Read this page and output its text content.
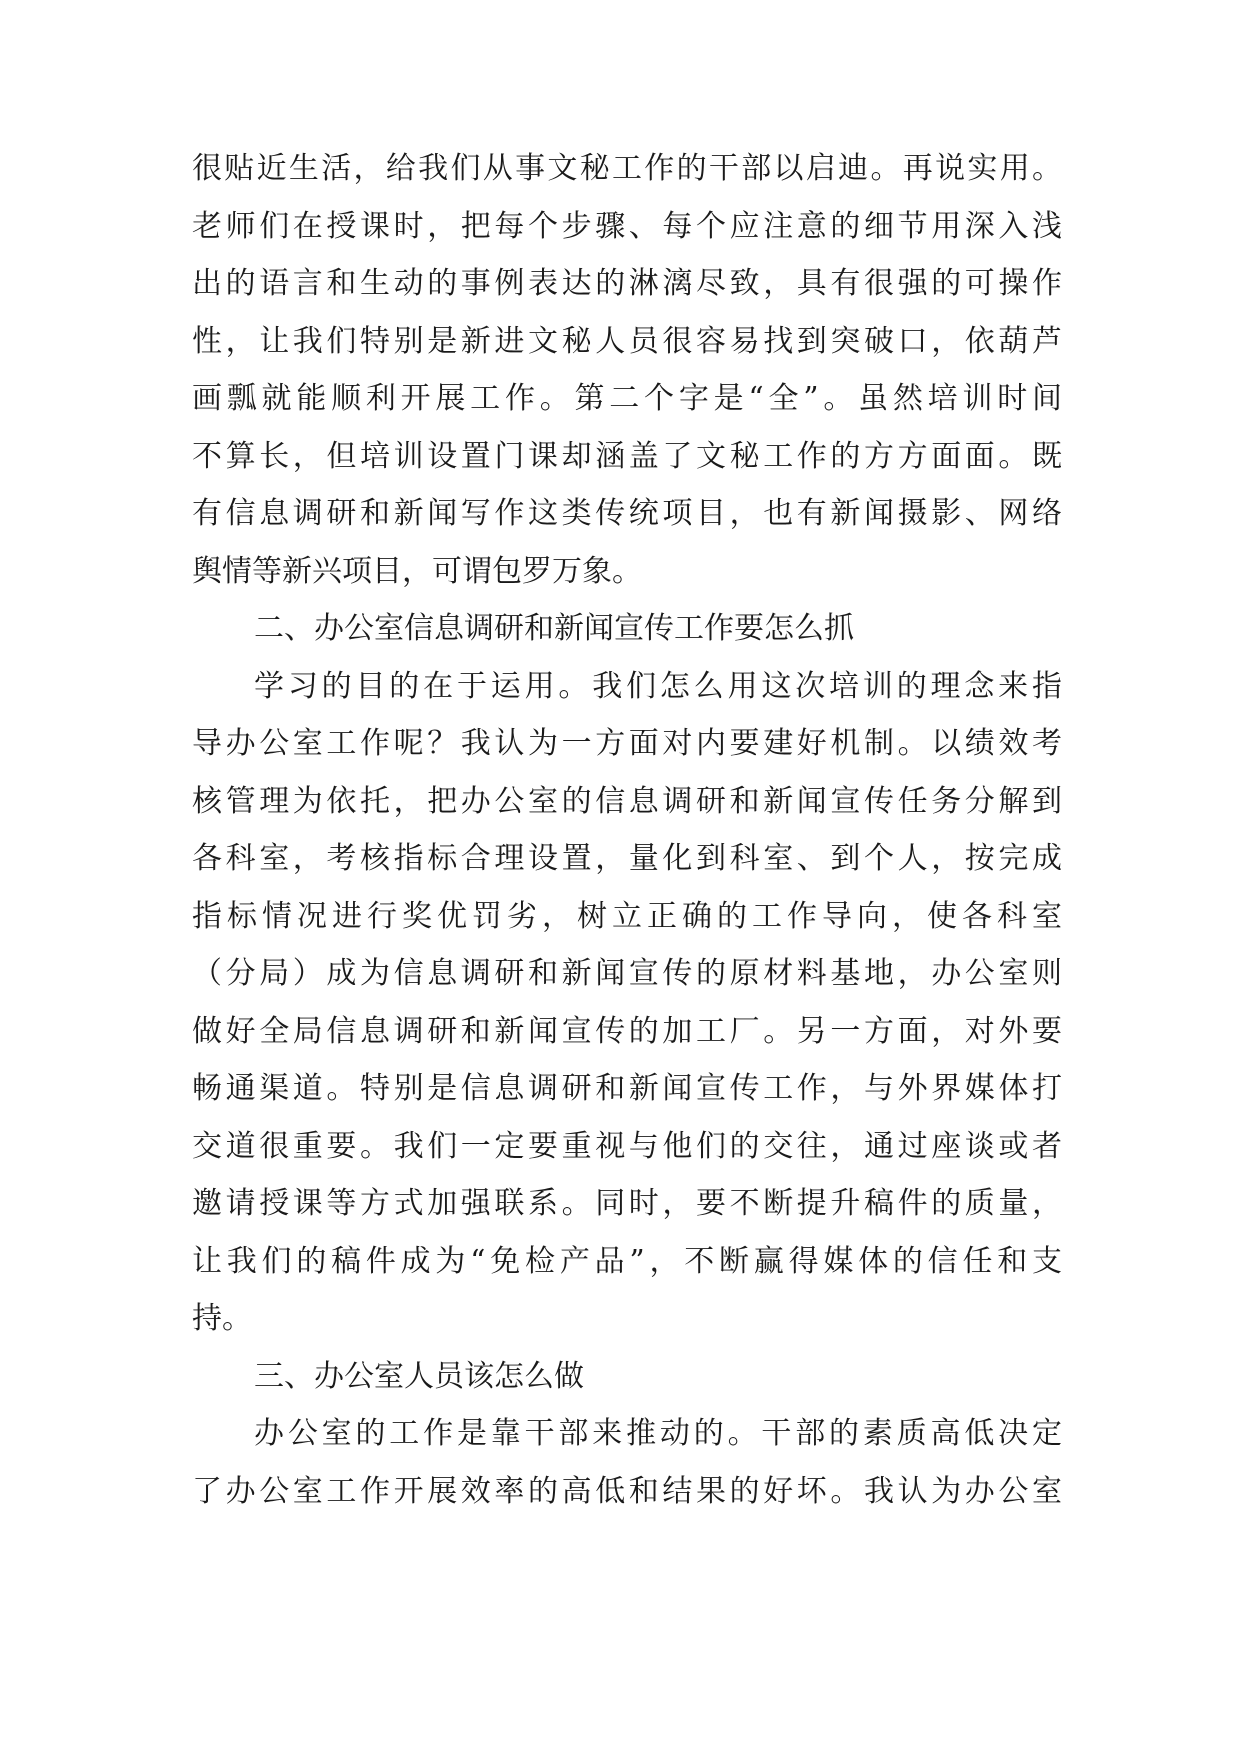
很贴近生活，给我们从事文秘工作的干部以启迪。再说实用。
老师们在授课时，把每个步骤、每个应注意的细节用深入浅
出的语言和生动的事例表达的淋漓尽致，具有很强的可操作
性，让我们特别是新进文秘人员很容易找到突破口，依葫芦
画瓢就能顺利开展工作。第二个字是“全”。虽然培训时间
不算长，但培训设置门课却涵盖了文秘工作的方方面面。既
有信息调研和新闻写作这类传统项目，也有新闻摄影、网络
舆情等新兴项目，可谓包罗万象。
二、办公室信息调研和新闻宣传工作要怎么抓
学习的目的在于运用。我们怎么用这次培训的理念来指
导办公室工作呢？我认为一方面对内要建好机制。以绩效考
核管理为依托，把办公室的信息调研和新闻宣传任务分解到
各科室，考核指标合理设置，量化到科室、到个人，按完成
指标情况进行奖优罚劣，树立正确的工作导向，使各科室
（分局）成为信息调研和新闻宣传的原材料基地，办公室则
做好全局信息调研和新闻宣传的加工厂。另一方面，对外要
畅通渠道。特别是信息调研和新闻宣传工作，与外界媒体打
交道很重要。我们一定要重视与他们的交往，通过座谈或者
邀请授课等方式加强联系。同时，要不断提升稿件的质量，
让我们的稿件成为“免检产品”，不断赢得媒体的信任和支
持。
三、办公室人员该怎么做
办公室的工作是靠干部来推动的。干部的素质高低决定
了办公室工作开展效率的高低和结果的好坏。我认为办公室
